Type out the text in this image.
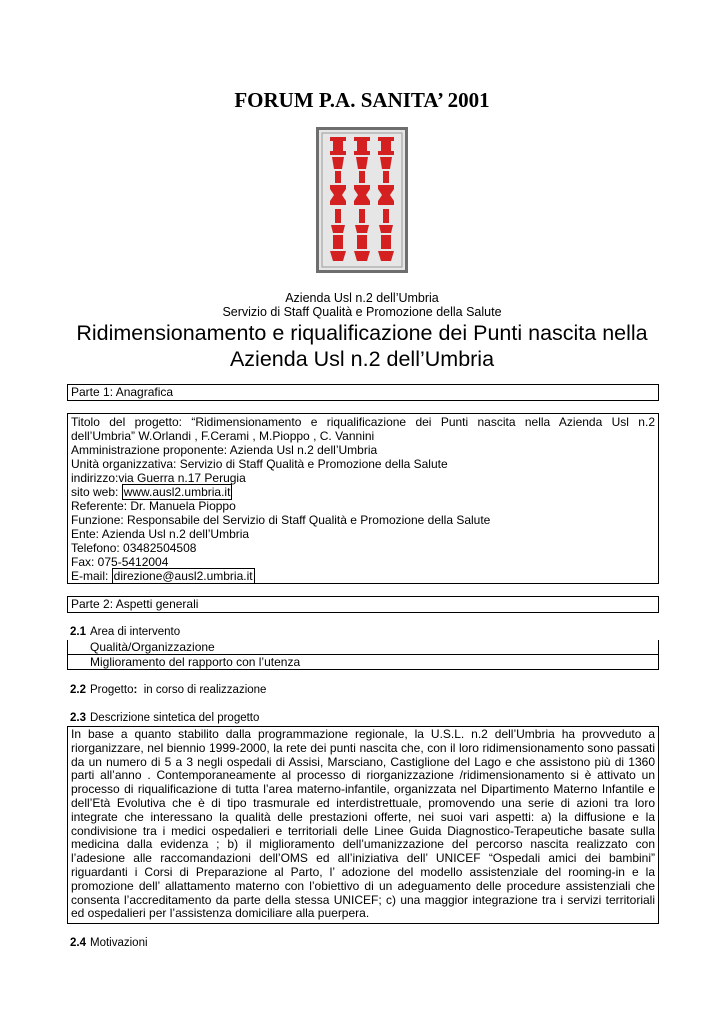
FORUM P.A. SANITA’ 2001
Azienda Usl n.2 dell’Umbria
Servizio di Staff Qualità e Promozione della Salute
Ridimensionamento e riqualificazione dei Punti nascita nella
Azienda Usl n.2 dell’Umbria
Parte 1: Anagrafica
Titolo del progetto: “Ridimensionamento e riqualificazione dei Punti nascita nella Azienda Usl n.2
dell’Umbria” W.Orlandi , F.Cerami , M.Pioppo , C. Vannini
Amministrazione proponente: Azienda Usl n.2 dell’Umbria
Unità organizzativa: Servizio di Staff Qualità e Promozione della Salute
indirizzo:via Guerra n.17 Perugia
sito web: www.ausl2.umbria.it
Referente: Dr. Manuela Pioppo
Funzione: Responsabile del Servizio di Staff Qualità e Promozione della Salute
Ente: Azienda Usl n.2 dell’Umbria
Telefono: 03482504508
Fax: 075-5412004
E-mail: direzione@ausl2.umbria.it
Parte 2: Aspetti generali
2.1 Area di intervento
Qualità/Organizzazione
Miglioramento del rapporto con l’utenza
2.2 Progetto:  in corso di realizzazione
2.3 Descrizione sintetica del progetto
In base a quanto stabilito dalla programmazione regionale, la U.S.L. n.2 dell’Umbria ha provveduto a riorganizzare, nel biennio 1999-2000, la rete dei punti nascita che, con il loro ridimensionamento sono passati da un numero di 5 a 3 negli ospedali di Assisi, Marsciano, Castiglione del Lago e che assistono più di 1360 parti all’anno . Contemporaneamente al processo di riorganizzazione /ridimensionamento si è attivato un processo di riqualificazione di tutta l’area materno-infantile, organizzata nel Dipartimento Materno Infantile e dell’Età Evolutiva che è di tipo trasmurale ed interdistrettuale, promovendo una serie di azioni tra loro integrate che interessano la qualità delle prestazioni offerte, nei suoi vari aspetti: a) la diffusione e la condivisione tra i medici ospedalieri e territoriali delle Linee Guida Diagnostico-Terapeutiche basate sulla medicina dalla evidenza ; b) il miglioramento dell’umanizzazione del percorso nascita realizzato con l’adesione alle raccomandazioni dell’OMS ed all’iniziativa dell’ UNICEF “Ospedali amici dei bambini” riguardanti i Corsi di Preparazione al Parto, l’ adozione del modello assistenziale del rooming-in e la promozione dell’ allattamento materno con l’obiettivo di un adeguamento delle procedure assistenziali che consenta l’accreditamento da parte della stessa UNICEF; c) una maggior integrazione tra i servizi territoriali ed ospedalieri per l’assistenza domiciliare alla puerpera.
2.4 Motivazioni
